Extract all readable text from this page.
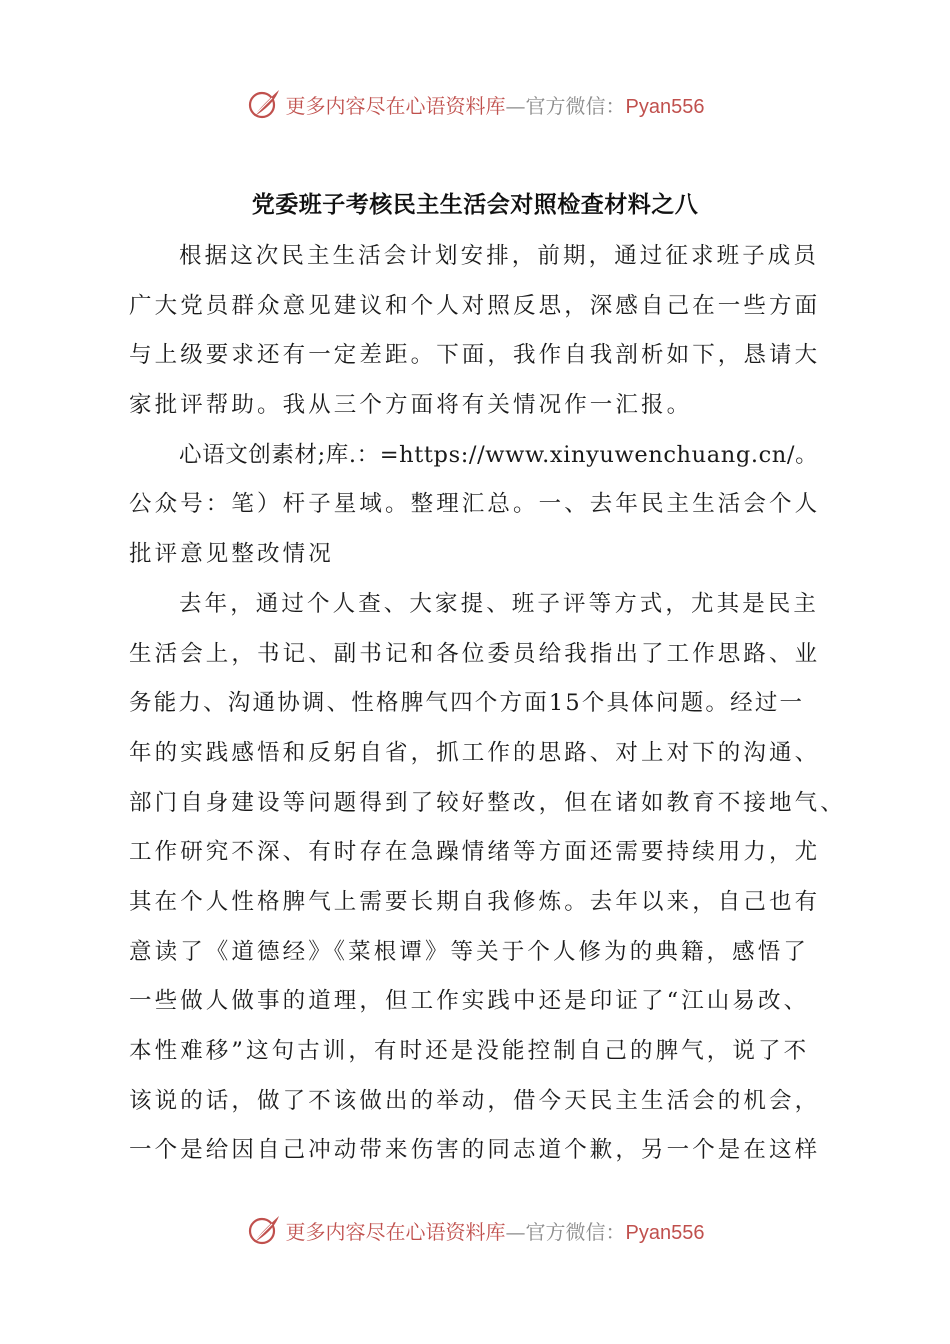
更多内容尽在心语资料库—官方微信：Pyan556
党委班子考核民主生活会对照检查材料之八
根据这次民主生活会计划安排，前期，通过征求班子成员
广大党员群众意见建议和个人对照反思，深感自己在一些方面
与上级要求还有一定差距。下面，我作自我剖析如下，恳请大
家批评帮助。我从三个方面将有关情况作一汇报。
心语文创素材;库.：=https://www.xinyuwenchuang.cn/。
公众号：笔）杆子星域。整理汇总。一、去年民主生活会个人
批评意见整改情况
去年，通过个人查、大家提、班子评等方式，尤其是民主
生活会上，书记、副书记和各位委员给我指出了工作思路、业
务能力、沟通协调、性格脾气四个方面15个具体问题。经过一
年的实践感悟和反躬自省，抓工作的思路、对上对下的沟通、
部门自身建设等问题得到了较好整改，但在诸如教育不接地气、
工作研究不深、有时存在急躁情绪等方面还需要持续用力，尤
其在个人性格脾气上需要长期自我修炼。去年以来，自己也有
意读了《道德经》《菜根谭》等关于个人修为的典籍，感悟了
一些做人做事的道理，但工作实践中还是印证了“江山易改、
本性难移”这句古训，有时还是没能控制自己的脾气，说了不
该说的话，做了不该做出的举动，借今天民主生活会的机会，
一个是给因自己冲动带来伤害的同志道个歉，另一个是在这样
更多内容尽在心语资料库—官方微信：Pyan556
